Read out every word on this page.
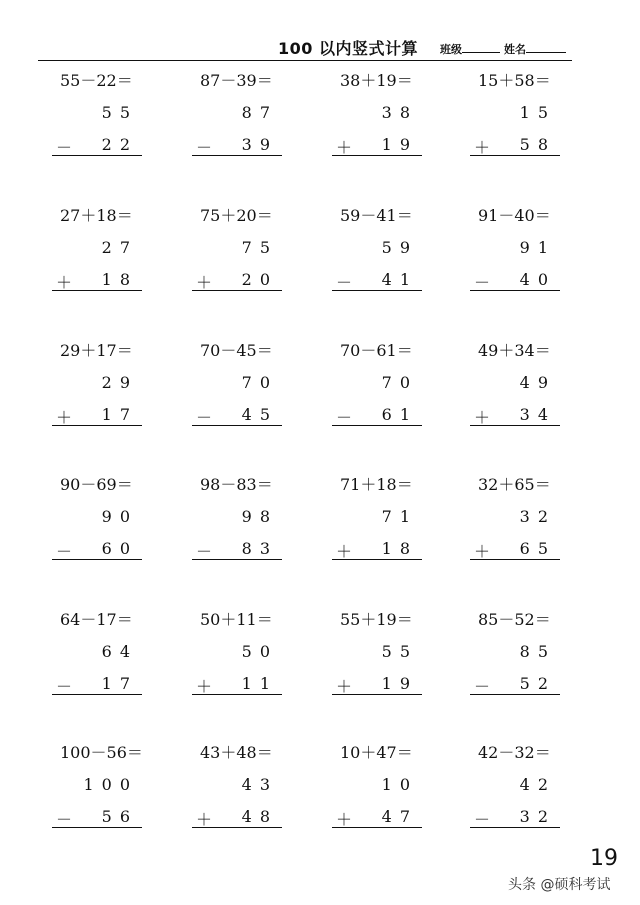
100 以内竖式计算 班级	姓名
55－22＝
55
－	22
87－39＝
87
－	39
38＋19＝
38
＋	19
15＋58＝
15
＋	58
27＋18＝
27
＋	18
75＋20＝
75
＋	20
59－41＝
59
－	41
91－40＝
91
－	40
29＋17＝
29
＋	17
70－45＝
70
－	45
70－61＝
70
－	61
49＋34＝
49
＋	34
90－69＝
90
－	60
98－83＝
98
－	83
71＋18＝
71
＋	18
32＋65＝
32
＋	65
64－17＝
64
－	17
50＋11＝
50
＋	11
55＋19＝
55
＋	19
85－52＝
85
－	52
100－56＝
100
－	56
43＋48＝
43
＋	48
10＋47＝
10
＋	47
42－32＝
42
－	32
19
头条 @硕科考试
